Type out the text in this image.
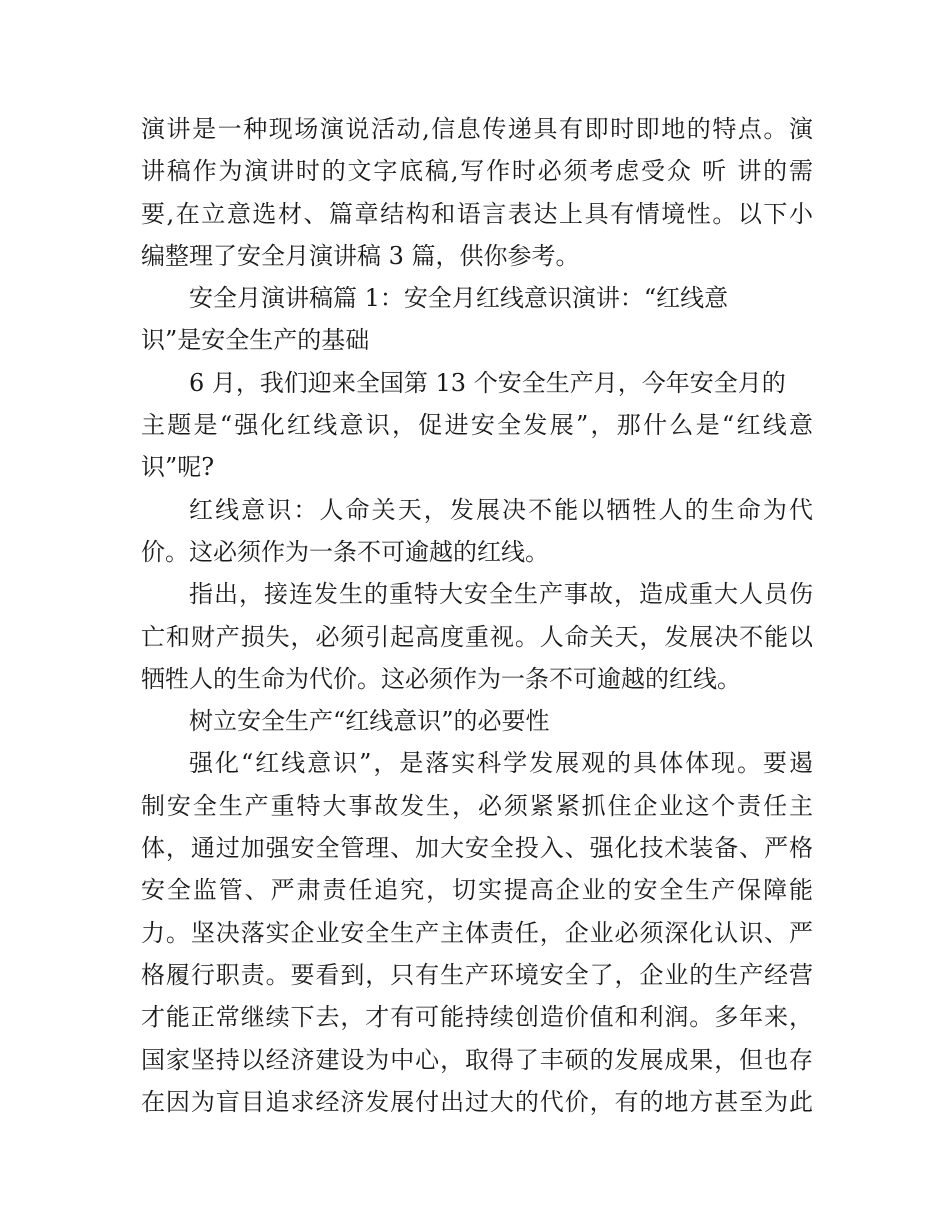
演讲是一种现场演说活动,信息传递具有即时即地的特点。演
讲稿作为演讲时的文字底稿,写作时必须考虑受众 听 讲的需
要,在立意选材、篇章结构和语言表达上具有情境性。以下小
编整理了安全月演讲稿 3 篇，供你参考。
安全月演讲稿篇 1：安全月红线意识演讲：“红线意
识”是安全生产的基础
6 月，我们迎来全国第 13 个安全生产月，今年安全月的
主题是“强化红线意识，促进安全发展”，那什么是“红线意
识”呢?
红线意识：人命关天，发展决不能以牺牲人的生命为代
价。这必须作为一条不可逾越的红线。
指出，接连发生的重特大安全生产事故，造成重大人员伤
亡和财产损失，必须引起高度重视。人命关天，发展决不能以
牺牲人的生命为代价。这必须作为一条不可逾越的红线。
树立安全生产“红线意识”的必要性
强化“红线意识”，是落实科学发展观的具体体现。要遏
制安全生产重特大事故发生，必须紧紧抓住企业这个责任主
体，通过加强安全管理、加大安全投入、强化技术装备、严格
安全监管、严肃责任追究，切实提高企业的安全生产保障能
力。坚决落实企业安全生产主体责任，企业必须深化认识、严
格履行职责。要看到，只有生产环境安全了，企业的生产经营
才能正常继续下去，才有可能持续创造价值和利润。多年来，
国家坚持以经济建设为中心，取得了丰硕的发展成果，但也存
在因为盲目追求经济发展付出过大的代价，有的地方甚至为此
